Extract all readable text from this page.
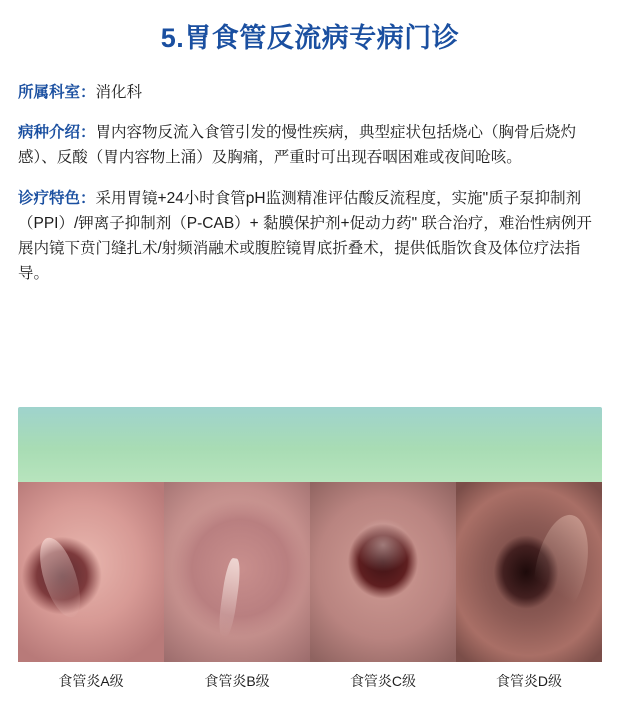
5.胃食管反流病专病门诊
所属科室：消化科
病种介绍：胃内容物反流入食管引发的慢性疾病，典型症状包括烧心（胸骨后烧灼感）、反酸（胃内容物上涌）及胸痛，严重时可出现吞咽困难或夜间呛咳。
诊疗特色：采用胃镜+24小时食管pH监测精准评估酸反流程度，实施"质子泵抑制剂（PPI）/钾离子抑制剂（P-CAB）+ 黏膜保护剂+促动力药" 联合治疗，难治性病例开展内镜下贲门缝扎术/射频消融术或腹腔镜胃底折叠术，提供低脂饮食及体位疗法指导。
食管炎A级	食管炎B级	食管炎C级	食管炎D级
